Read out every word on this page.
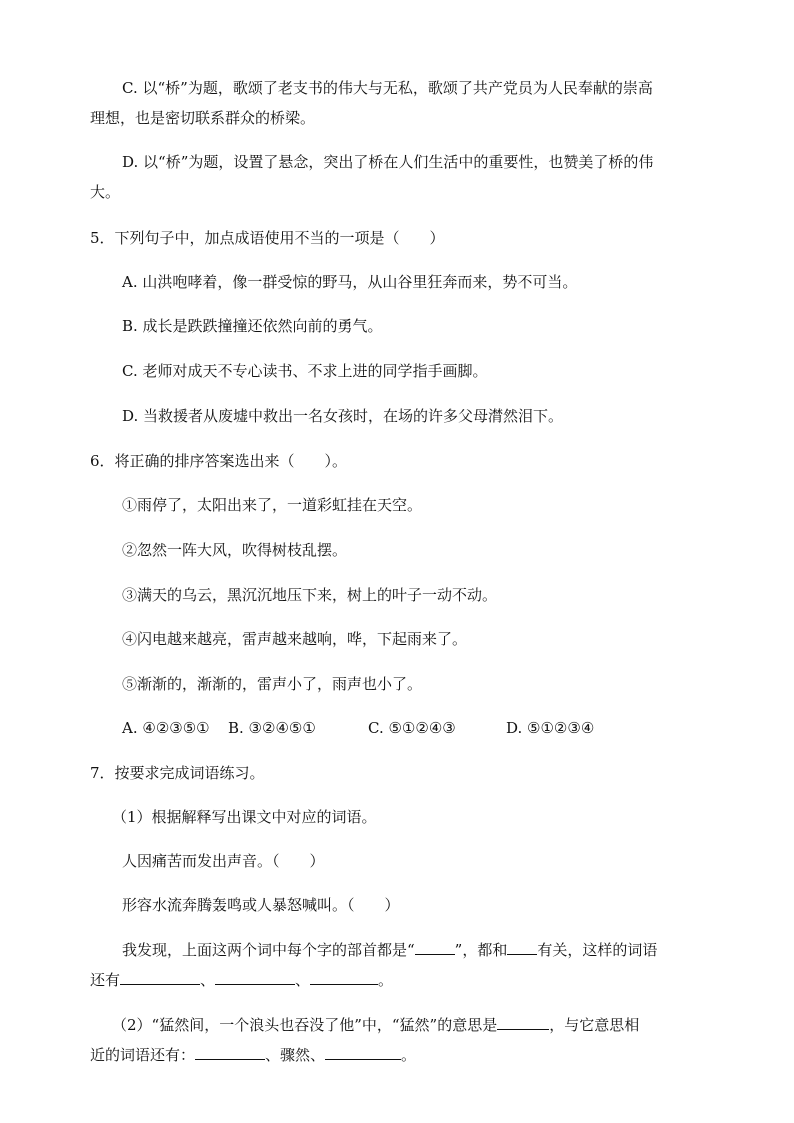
C. 以“桥”为题，歌颂了老支书的伟大与无私，歌颂了共产党员为人民奉献的崇高
理想，也是密切联系群众的桥梁。
D. 以“桥”为题，设置了悬念，突出了桥在人们生活中的重要性，也赞美了桥的伟
大。
5．下列句子中，加点成语使用不当的一项是（　　）
A. 山洪咆哮着，像一群受惊的野马，从山谷里狂奔而来，势不可当。
B. 成长是跌跌撞撞还依然向前的勇气。
C. 老师对成天不专心读书、不求上进的同学指手画脚。
D. 当救援者从废墟中救出一名女孩时，在场的许多父母潸然泪下。
6．将正确的排序答案选出来（　　）。
①雨停了，太阳出来了，一道彩虹挂在天空。
②忽然一阵大风，吹得树枝乱摆。
③满天的乌云，黑沉沉地压下来，树上的叶子一动不动。
④闪电越来越亮，雷声越来越响，哗，下起雨来了。
⑤渐渐的，渐渐的，雷声小了，雨声也小了。
A. ④②③⑤① B. ③②④⑤①	C. ⑤①②④③	D. ⑤①②③④
7．按要求完成词语练习。
（1）根据解释写出课文中对应的词语。
人因痛苦而发出声音。（　　）
形容水流奔腾轰鸣或人暴怒喊叫。（　　）
我发现，上面这两个词中每个字的部首都是“	”，都和 有关，这样的词语
还有	、	、	。
（2）“猛然间，一个浪头也吞没了他”中，“猛然”的意思是	，与它意思相
近的词语还有：	、骤然、	。
